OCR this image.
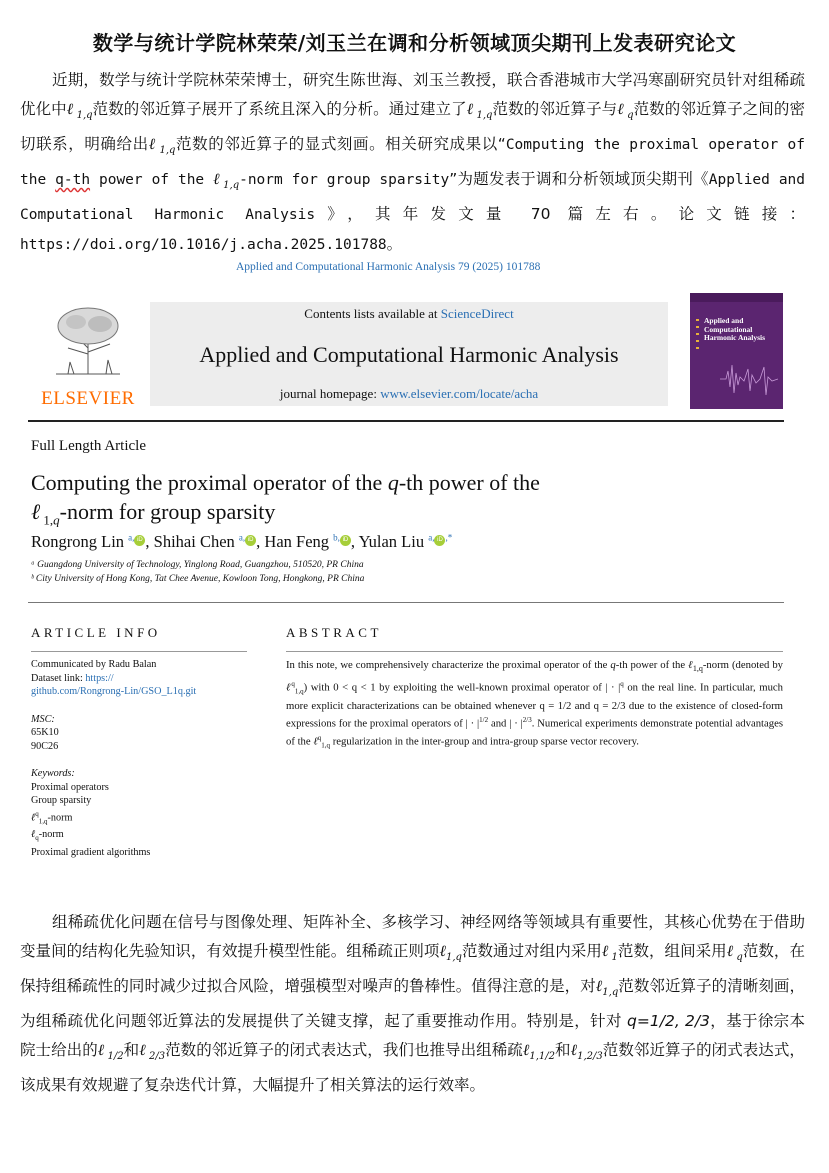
数学与统计学院林荣荣/刘玉兰在调和分析领域顶尖期刊上发表研究论文
近期，数学与统计学院林荣荣博士，研究生陈世海、刘玉兰教授，联合香港城市大学冯寒副研究员针对组稀疏优化中ℓ $_{1,q}$范数的邻近算子展开了系统且深入的分析。通过建立了ℓ $_{1,q}$范数的邻近算子与ℓ $_q$范数的邻近算子之间的密切联系，明确给出ℓ $_{1,q}$范数的邻近算子的显式刻画。相关研究成果以“Computing the proximal operator of the q-th power of the ℓ $_{1,q}$-norm for group sparsity”为题发表于调和分析领域顶尖期刊《Applied and Computational Harmonic Analysis》，其年发文量 70 篇左右。论文链接：https://doi.org/10.1016/j.acha.2025.101788。
Applied and Computational Harmonic Analysis 79 (2025) 101788
ELSEVIER
Contents lists available at ScienceDirect
Applied and Computational Harmonic Analysis
journal homepage: www.elsevier.com/locate/acha
Applied and Computational Harmonic Analysis
Full Length Article
Computing the proximal operator of the q-th power of the
ℓ $_{1,q}$-norm for group sparsity
Rongrong Lin $^{a,}$ iD , Shihai Chen $^{a,}$ iD , Han Feng $^{b,}$ iD , Yulan Liu $^{a,}$ iD ,*
ᵃ Guangdong University of Technology, Yinglong Road, Guangzhou, 510520, PR China
ᵇ City University of Hong Kong, Tat Chee Avenue, Kowloon Tong, Hongkong, PR China
ARTICLE INFO	ABSTRACT
Communicated by Radu Balan
Dataset link: https://
github.com/Rongrong-Lin/GSO_L1q.git
MSC:
65K10
90C26
Keywords:
Proximal operators
Group sparsity
ℓ$^q_{1,q}$-norm
ℓ$_q$-norm
Proximal gradient algorithms
In this note, we comprehensively characterize the proximal operator of the q-th power of the ℓ$_{1,q}$-norm (denoted by ℓ$^q_{1,q}$) with 0 < q < 1 by exploiting the well-known proximal operator of | · $|^q$ on the real line. In particular, much more explicit characterizations can be obtained whenever q = 1/2 and q = 2/3 due to the existence of closed-form expressions for the proximal operators of | · $|^{1/2}$ and | · $|^{2/3}$. Numerical experiments demonstrate potential advantages of the ℓ$^q_{1,q}$ regularization in the inter-group and intra-group sparse vector recovery.
组稀疏优化问题在信号与图像处理、矩阵补全、多核学习、神经网络等领域具有重要性，其核心优势在于借助变量间的结构化先验知识，有效提升模型性能。组稀疏正则项ℓ$_{1,q}$范数通过对组内采用ℓ $_1$范数，组间采用ℓ $_q$范数，在保持组稀疏性的同时减少过拟合风险，增强模型对噪声的鲁棒性。值得注意的是，对ℓ$_{1,q}$范数邻近算子的清晰刻画，为组稀疏优化问题邻近算法的发展提供了关键支撑，起了重要推动作用。特别是，针对 q=1/2, 2/3，基于徐宗本院士给出的ℓ $_{1/2}$和ℓ $_{2/3}$范数的邻近算子的闭式表达式，我们也推导出组稀疏ℓ$_{1,1/2}$和ℓ$_{1,2/3}$范数邻近算子的闭式表达式，该成果有效规避了复杂迭代计算，大幅提升了相关算法的运行效率。
